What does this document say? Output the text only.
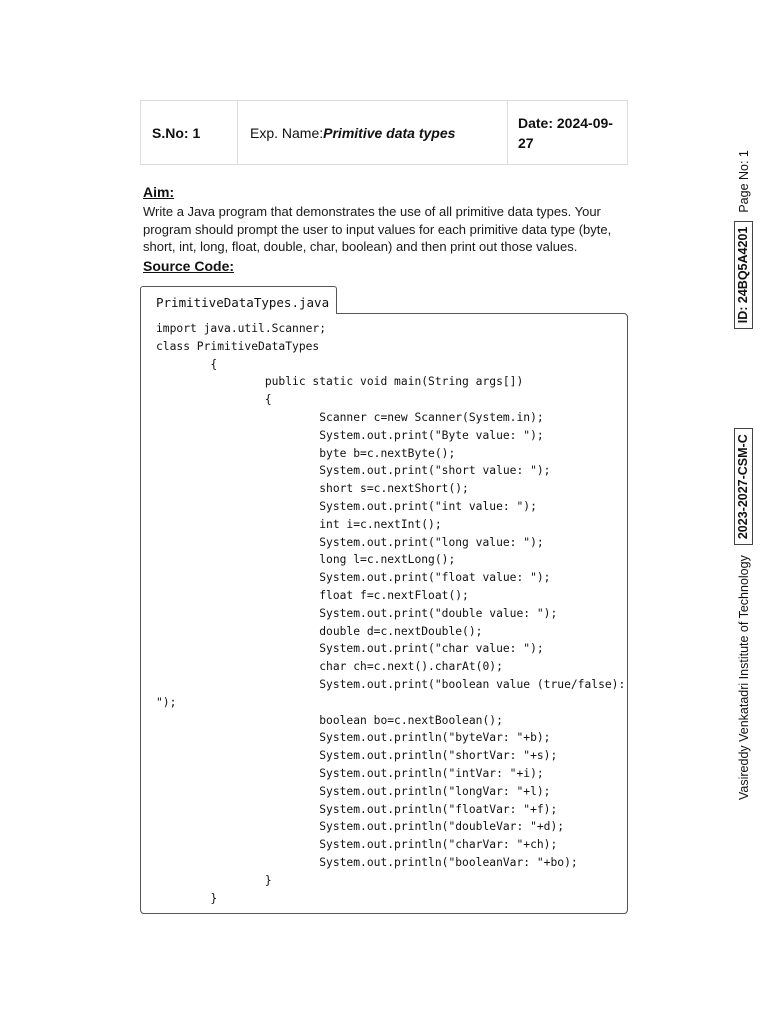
S.No: 1	Exp. Name: Primitive data types
Date: 2024-09-
27
Aim:
Write a Java program that demonstrates the use of all primitive data types. Your program should prompt the user to input values for each primitive data type (byte, short, int, long, float, double, char, boolean) and then print out those values.
Source Code:
PrimitiveDataTypes.java
import java.util.Scanner;
class PrimitiveDataTypes
{
public static void main(String args[])
{
Scanner c=new Scanner(System.in);
System.out.print("Byte value: ");
byte b=c.nextByte();
System.out.print("short value: ");
short s=c.nextShort();
System.out.print("int value: ");
int i=c.nextInt();
System.out.print("long value: ");
long l=c.nextLong();
System.out.print("float value: ");
float f=c.nextFloat();
System.out.print("double value: ");
double d=c.nextDouble();
System.out.print("char value: ");
char ch=c.next().charAt(0);
System.out.print("boolean value (true/false):
");
boolean bo=c.nextBoolean();
System.out.println("byteVar: "+b);
System.out.println("shortVar: "+s);
System.out.println("intVar: "+i);
System.out.println("longVar: "+l);
System.out.println("floatVar: "+f);
System.out.println("doubleVar: "+d);
System.out.println("charVar: "+ch);
System.out.println("booleanVar: "+bo);
}
}
Vasireddy Venkatadri Institute of Technology
2023-2027-CSM-C
ID: 24BQ5A4201
Page No: 1
